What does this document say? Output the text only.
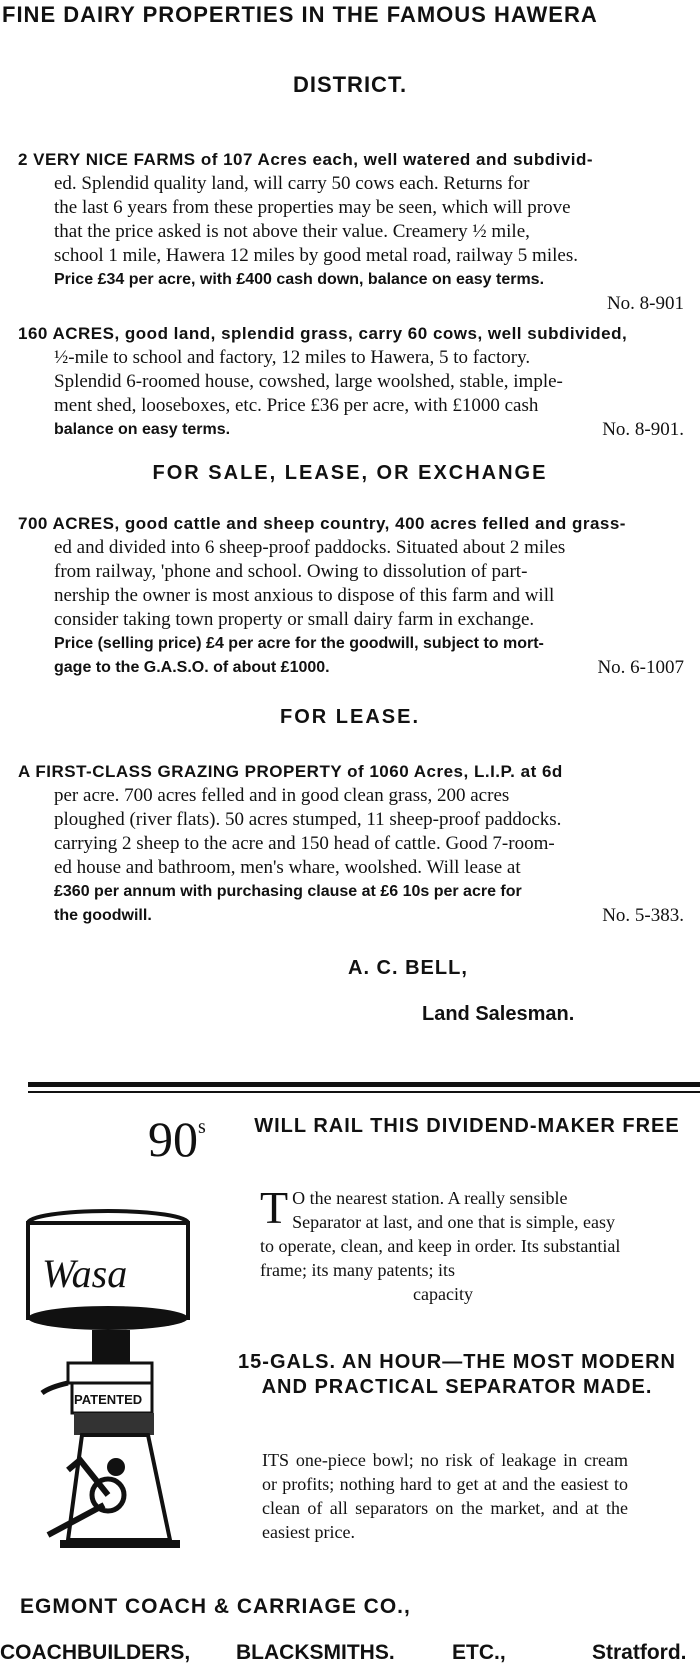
FINE DAIRY PROPERTIES IN THE FAMOUS HAWERA
DISTRICT.
2 VERY NICE FARMS of 107 Acres each, well watered and subdivid-
ed. Splendid quality land, will carry 50 cows each. Returns for
the last 6 years from these properties may be seen, which will prove
that the price asked is not above their value. Creamery ½ mile,
school 1 mile, Hawera 12 miles by good metal road, railway 5 miles.
Price £34 per acre, with £400 cash down, balance on easy terms.
No. 8-901
160 ACRES, good land, splendid grass, carry 60 cows, well subdivided,
½-mile to school and factory, 12 miles to Hawera, 5 to factory.
Splendid 6-roomed house, cowshed, large woolshed, stable, imple-
ment shed, looseboxes, etc. Price £36 per acre, with £1000 cash
balance on easy terms.	No. 8-901.
FOR SALE, LEASE, OR EXCHANGE
700 ACRES, good cattle and sheep country, 400 acres felled and grass-
ed and divided into 6 sheep-proof paddocks. Situated about 2 miles
from railway, 'phone and school. Owing to dissolution of part-
nership the owner is most anxious to dispose of this farm and will
consider taking town property or small dairy farm in exchange.
Price (selling price) £4 per acre for the goodwill, subject to mort-
gage to the G.A.S.O. of about £1000.	No. 6-1007
FOR LEASE.
A FIRST-CLASS GRAZING PROPERTY of 1060 Acres, L.I.P. at 6d
per acre. 700 acres felled and in good clean grass, 200 acres
ploughed (river flats). 50 acres stumped, 11 sheep-proof paddocks.
carrying 2 sheep to the acre and 150 head of cattle. Good 7-room-
ed house and bathroom, men's whare, woolshed. Will lease at
£360 per annum with purchasing clause at £6 10s per acre for
the goodwill.	No. 5-383.
A. C. BELL,
Land Salesman.
90$^s$	WILL RAIL THIS DIVIDEND-MAKER FREE
T O the nearest station. A really sensible Separator at last, and one that is simple, easy to operate, clean, and keep in order. Its substantial frame; its many patents; its
capacity
15-GALS. AN HOUR—THE MOST MODERN AND PRACTICAL SEPARATOR MADE.
ITS one-piece bowl; no risk of leakage in cream or profits; nothing hard to get at and the easiest to clean of all separators on the market, and at the easiest price.
Wasa
PATENTED
EGMONT COACH & CARRIAGE CO.,
COACHBUILDERS, BLACKSMITHS.	ETC.,	Stratford.
